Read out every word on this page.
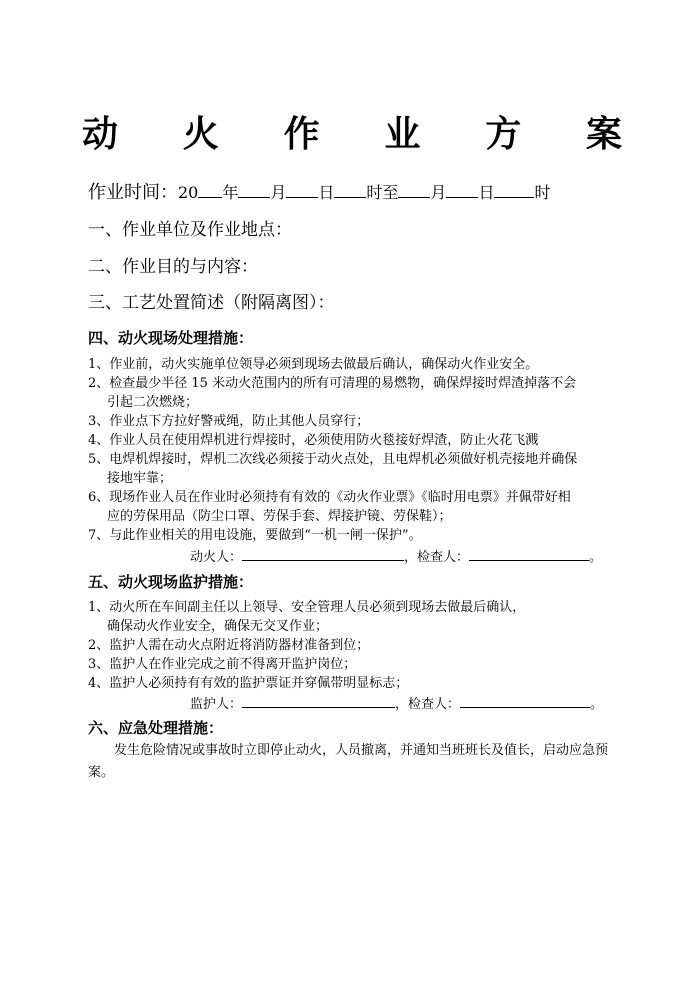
动 火 作 业 方 案
作业时间：20 年 月 日 时至 月 日	时
一、作业单位及作业地点：
二、作业目的与内容：
三、工艺处置简述（附隔离图）：
四、动火现场处理措施：
1、作业前，动火实施单位领导必须到现场去做最后确认，确保动火作业安全。
2、检查最少半径 15 米动火范围内的所有可清理的易燃物，确保焊接时焊渣掉落不会
引起二次燃烧；
3、作业点下方拉好警戒绳，防止其他人员穿行；
4、作业人员在使用焊机进行焊接时，必须使用防火毯接好焊渣，防止火花飞溅
5、电焊机焊接时，焊机二次线必须接于动火点处，且电焊机必须做好机壳接地并确保
接地牢靠；
6、现场作业人员在作业时必须持有有效的《动火作业票》《临时用电票》并佩带好相
应的劳保用品（防尘口罩、劳保手套、焊接护镜、劳保鞋）；
7、与此作业相关的用电设施，要做到“一机一闸一保护”。
动火人：	，检查人：	。
五、动火现场监护措施：
1、动火所在车间副主任以上领导、安全管理人员必须到现场去做最后确认，
确保动火作业安全，确保无交叉作业；
2、监护人需在动火点附近将消防器材准备到位；
3、监护人在作业完成之前不得离开监护岗位；
4、监护人必须持有有效的监护票证并穿佩带明显标志；
监护人：	，检查人：	。
六、应急处理措施：
发生危险情况或事故时立即停止动火，人员撤离，并通知当班班长及值长，启动应急预案。
